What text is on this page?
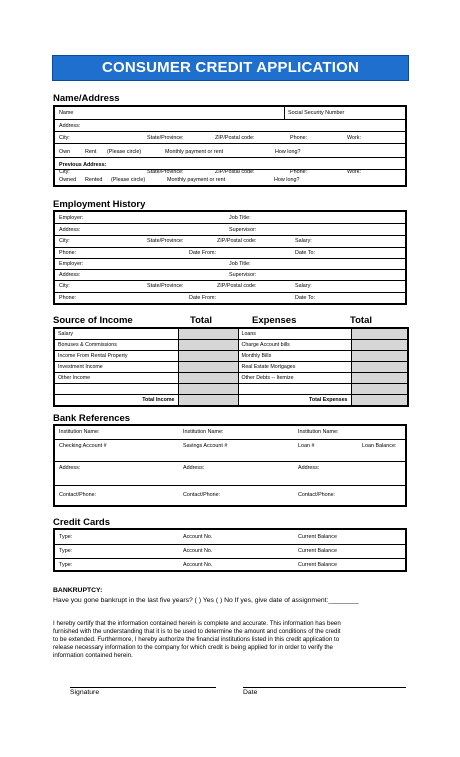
CONSUMER CREDIT APPLICATION
Name/Address
Name	Social Security Number
Address:
City:	State/Province:	ZIP/Postal code:	Phone:	Work:
Own	Rent (Please circle)	Monthly payment or rent	How long?
Previous Address:
City:	State/Province:	ZIP/Postal code:	Phone:	Work:
Owned Rented (Please circle)	Monthly payment or rent	How long?
Employment History
Employer:	Job Title:
Address:	Supervisor:
City:	State/Province:	ZIP/Postal code:	Salary:
Phone:	Date From:	Date To:
Employer:	Job Title:
Address:	Supervisor:
City:	State/Province:	ZIP/Postal code:	Salary:
Phone:	Date From:	Date To:
Source of Income	Total	Expenses	Total
Salary		Loans	
Bonuses & Commissions		Charge Account bills	
Income From Rental Property		Monthly Bills	
Investment Income		Real Estate Mortgages	
Other Income		Other Debts -- Itemize	

Total Income		Total Expenses	
Bank References
Institution Name:	Institution Name:	Institution Name:
Checking Account #	Savings Account #	Loan #	Loan Balance:
Address:	Address:	Address:
Contact/Phone:	Contact/Phone:	Contact/Phone:
Credit Cards
Type:	Account No.	Current Balance
Type:	Account No.	Current Balance
Type:	Account No.	Current Balance
BANKRUPTCY:
Have you gone bankrupt in the last five years? ( ) Yes ( ) No If yes, give date of assignment:________
I hereby certify that the information contained herein is complete and accurate. This information has been
furnished with the understanding that it is to be used to determine the amount and conditions of the credit
to be extended. Furthermore, I hereby authorize the financial institutions listed in this credit application to
release necessary information to the company for which credit is being applied for in order to verify the
information contained herein.
Signature	Date
